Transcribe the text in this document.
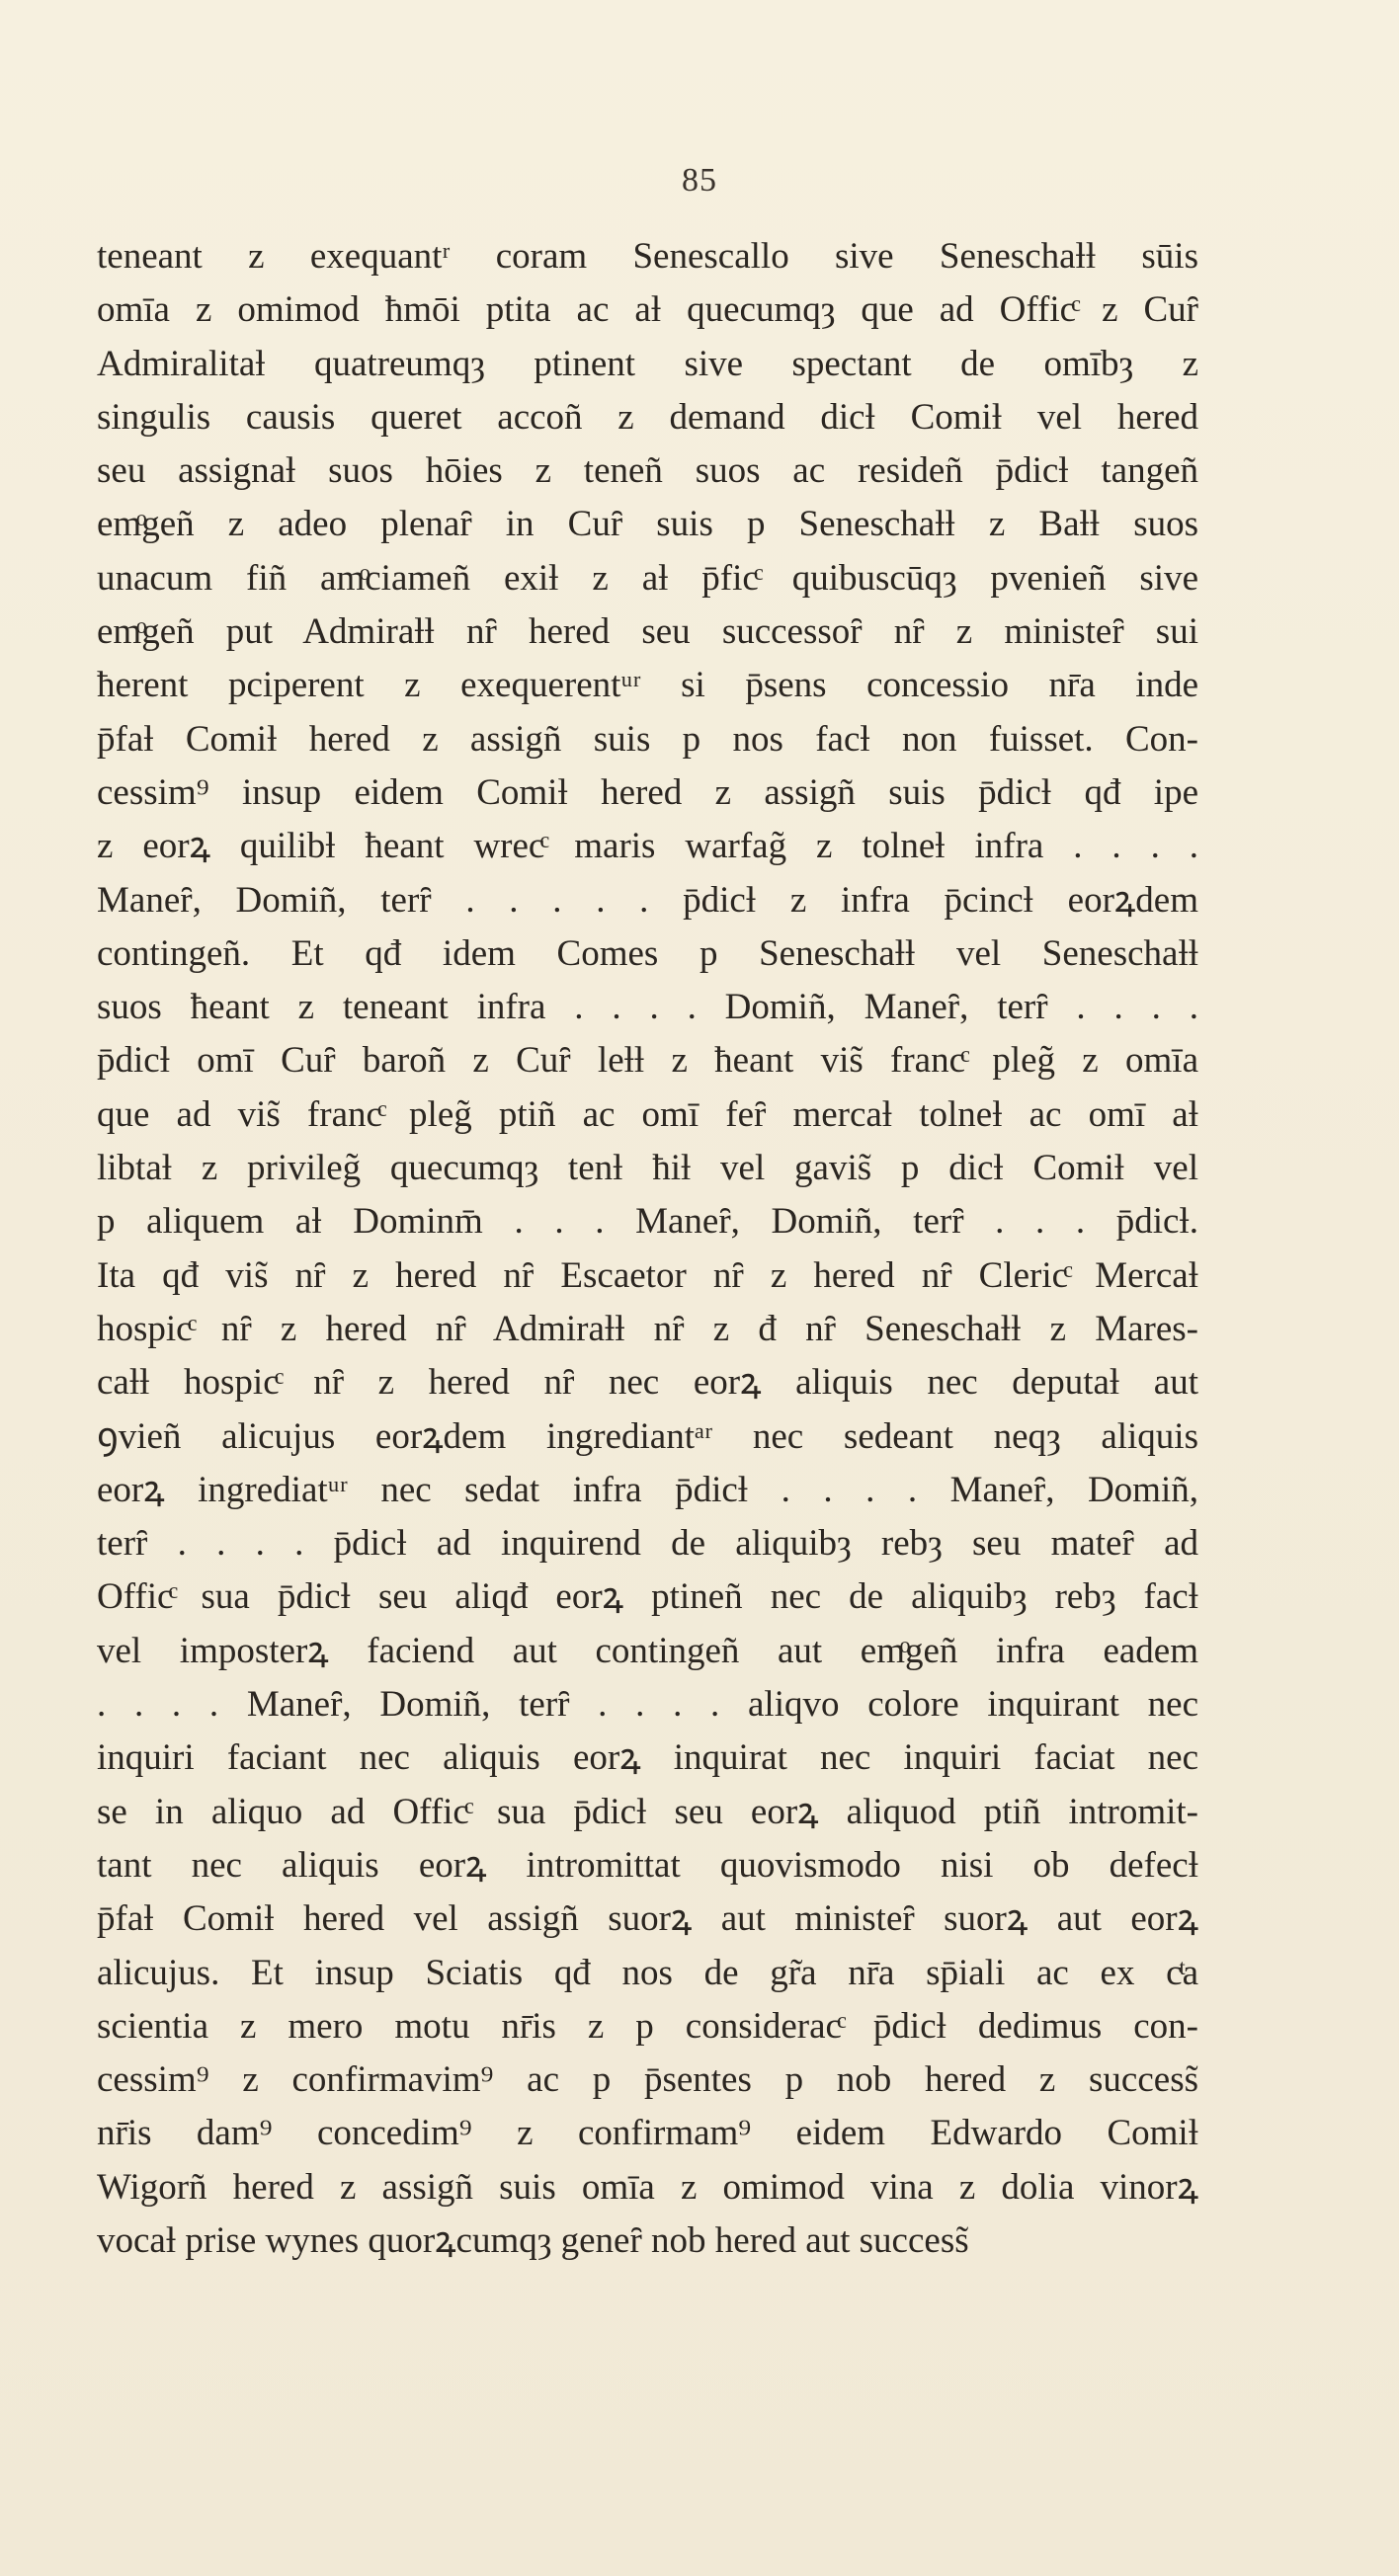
85
teneant z exequantʳ coram Senescallo sive Seneschaƚƚ sūis
omīa z omimod ħmōi ptita ac aƚ quecumqȝ que ad Officͨ z Cuȓ
Admiralitaƚ quatreumqȝ ptinent sive spectant de omībȝ z
singulis causis queret accoñ z demand dicƚ Comiƚ vel hered
seu assignaƚ suos hōies z teneñ suos ac resideñ p̄dicƚ tangeñ
emͦgeñ z adeo plenaȓ in Cuȓ suis p Seneschaƚƚ z Baƚƚ suos
unacum fiñ amͦciameñ exiƚ z aƚ p̄ficͨ quibuscūqȝ pvenieñ sive
emͦgeñ put Admiraƚƚ nȓ hered seu successoȓ nȓ z ministeȓ sui
ħerent pciperent z exequerentᵘʳ si p̄sens concessio nr̄a inde
p̄faƚ Comiƚ hered z assigñ suis p nos facƚ non fuisset. Con-
cessim⁹ insup eidem Comiƚ hered z assigñ suis p̄dicƚ qđ ipe
z eorꝝ quilibƚ ħeant wrecͨ maris warfag̃ z tolneƚ infra . . . .
Maneȓ, Domiñ, terȓ . . . . . p̄dicƚ z infra p̄cincƚ eorꝝdem
contingeñ. Et qđ idem Comes p Seneschaƚƚ vel Seneschaƚƚ
suos ħeant z teneant infra . . . . Domiñ, Maneȓ, terȓ . . . .
p̄dicƚ omī Cuȓ baroñ z Cuȓ leƚƚ z ħeant vis̃ francͨ pleg̃ z omīa
que ad vis̃ francͨ pleg̃ ptiñ ac omī feȓ mercaƚ tolneƚ ac omī aƚ
libtaƚ z privileg̃ quecumqȝ tenƚ ħiƚ vel gavis̃ p dicƚ Comiƚ vel
p aliquem aƚ Dominm̄ . . . Maneȓ, Domiñ, terȓ . . . p̄dicƚ.
Ita qđ vis̃ nȓ z hered nȓ Escaetor nȓ z hered nȓ Clericͨ Mercaƚ
hospicͨ nȓ z hered nȓ Admiraƚƚ nȓ z đ nȓ Seneschaƚƚ z Mares-
caƚƚ hospicͨ nȓ z hered nȓ nec eorꝝ aliquis nec deputaƚ aut
ꝯvieñ alicujus eorꝝdem ingrediantᵃʳ nec sedeant neqȝ aliquis
eorꝝ ingrediatᵘʳ nec sedat infra p̄dicƚ . . . . Maneȓ, Domiñ,
terȓ . . . . p̄dicƚ ad inquirend de aliquibȝ rebȝ seu mateȓ ad
Officͨ sua p̄dicƚ seu aliqđ eorꝝ ptineñ nec de aliquibȝ rebȝ facƚ
vel imposterꝝ faciend aut contingeñ aut emͦgeñ infra eadem
. . . . Maneȓ, Domiñ, terȓ . . . . aliqvo colore inquirant nec
inquiri faciant nec aliquis eorꝝ inquirat nec inquiri faciat nec
se in aliquo ad Officͨ sua p̄dicƚ seu eorꝝ aliquod ptiñ intromit-
tant nec aliquis eorꝝ intromittat quovismodo nisi ob defecƚ
p̄faƚ Comiƚ hered vel assigñ suorꝝ aut ministeȓ suorꝝ aut eorꝝ
alicujus. Et insup Sciatis qđ nos de gr̃a nr̄a sp̄iali ac ex cͭa
scientia z mero motu nr̄is z p consideracͨ p̄dicƚ dedimus con-
cessim⁹ z confirmavim⁹ ac p p̄sentes p nob hered z success̃
nr̄is dam⁹ concedim⁹ z confirmam⁹ eidem Edwardo Comiƚ
Wigorñ hered z assigñ suis omīa z omimod vina z dolia vinorꝝ
vocaƚ prise wynes quorꝝcumqȝ geneȓ nob hered aut success̃
